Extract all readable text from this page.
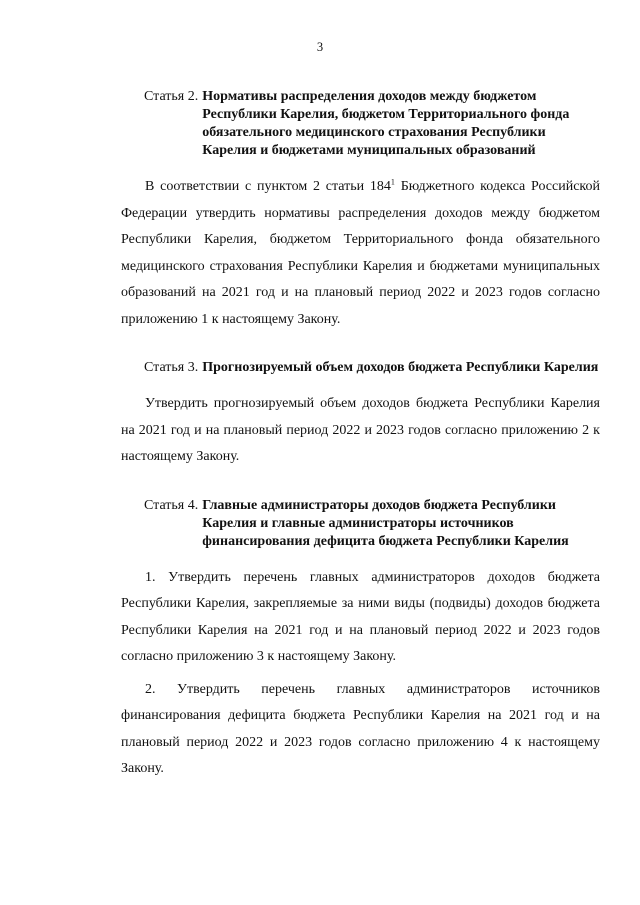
3
Статья 2. Нормативы распределения доходов между бюджетом Республики Карелия, бюджетом Территориального фонда обязательного медицинского страхования Республики Карелия и бюджетами муниципальных образований

В соответствии с пунктом 2 статьи $184^1$ Бюджетного кодекса Российской Федерации утвердить нормативы распределения доходов между бюджетом Республики Карелия, бюджетом Территориального фонда обязательного медицинского страхования Республики Карелия и бюджетами муниципальных образований на 2021 год и на плановый период 2022 и 2023 годов согласно приложению 1 к настоящему Закону.

Статья 3. Прогнозируемый объем доходов бюджета Республики Карелия

Утвердить прогнозируемый объем доходов бюджета Республики Карелия на 2021 год и на плановый период 2022 и 2023 годов согласно приложению 2 к настоящему Закону.

Статья 4. Главные администраторы доходов бюджета Республики Карелия и главные администраторы источников финансирования дефицита бюджета Республики Карелия

1. Утвердить перечень главных администраторов доходов бюджета Республики Карелия, закрепляемые за ними виды (подвиды) доходов бюджета Республики Карелия на 2021 год и на плановый период 2022 и 2023 годов согласно приложению 3 к настоящему Закону.

2. Утвердить перечень главных администраторов источников финансирования дефицита бюджета Республики Карелия на 2021 год и на плановый период 2022 и 2023 годов согласно приложению 4 к настоящему Закону.
